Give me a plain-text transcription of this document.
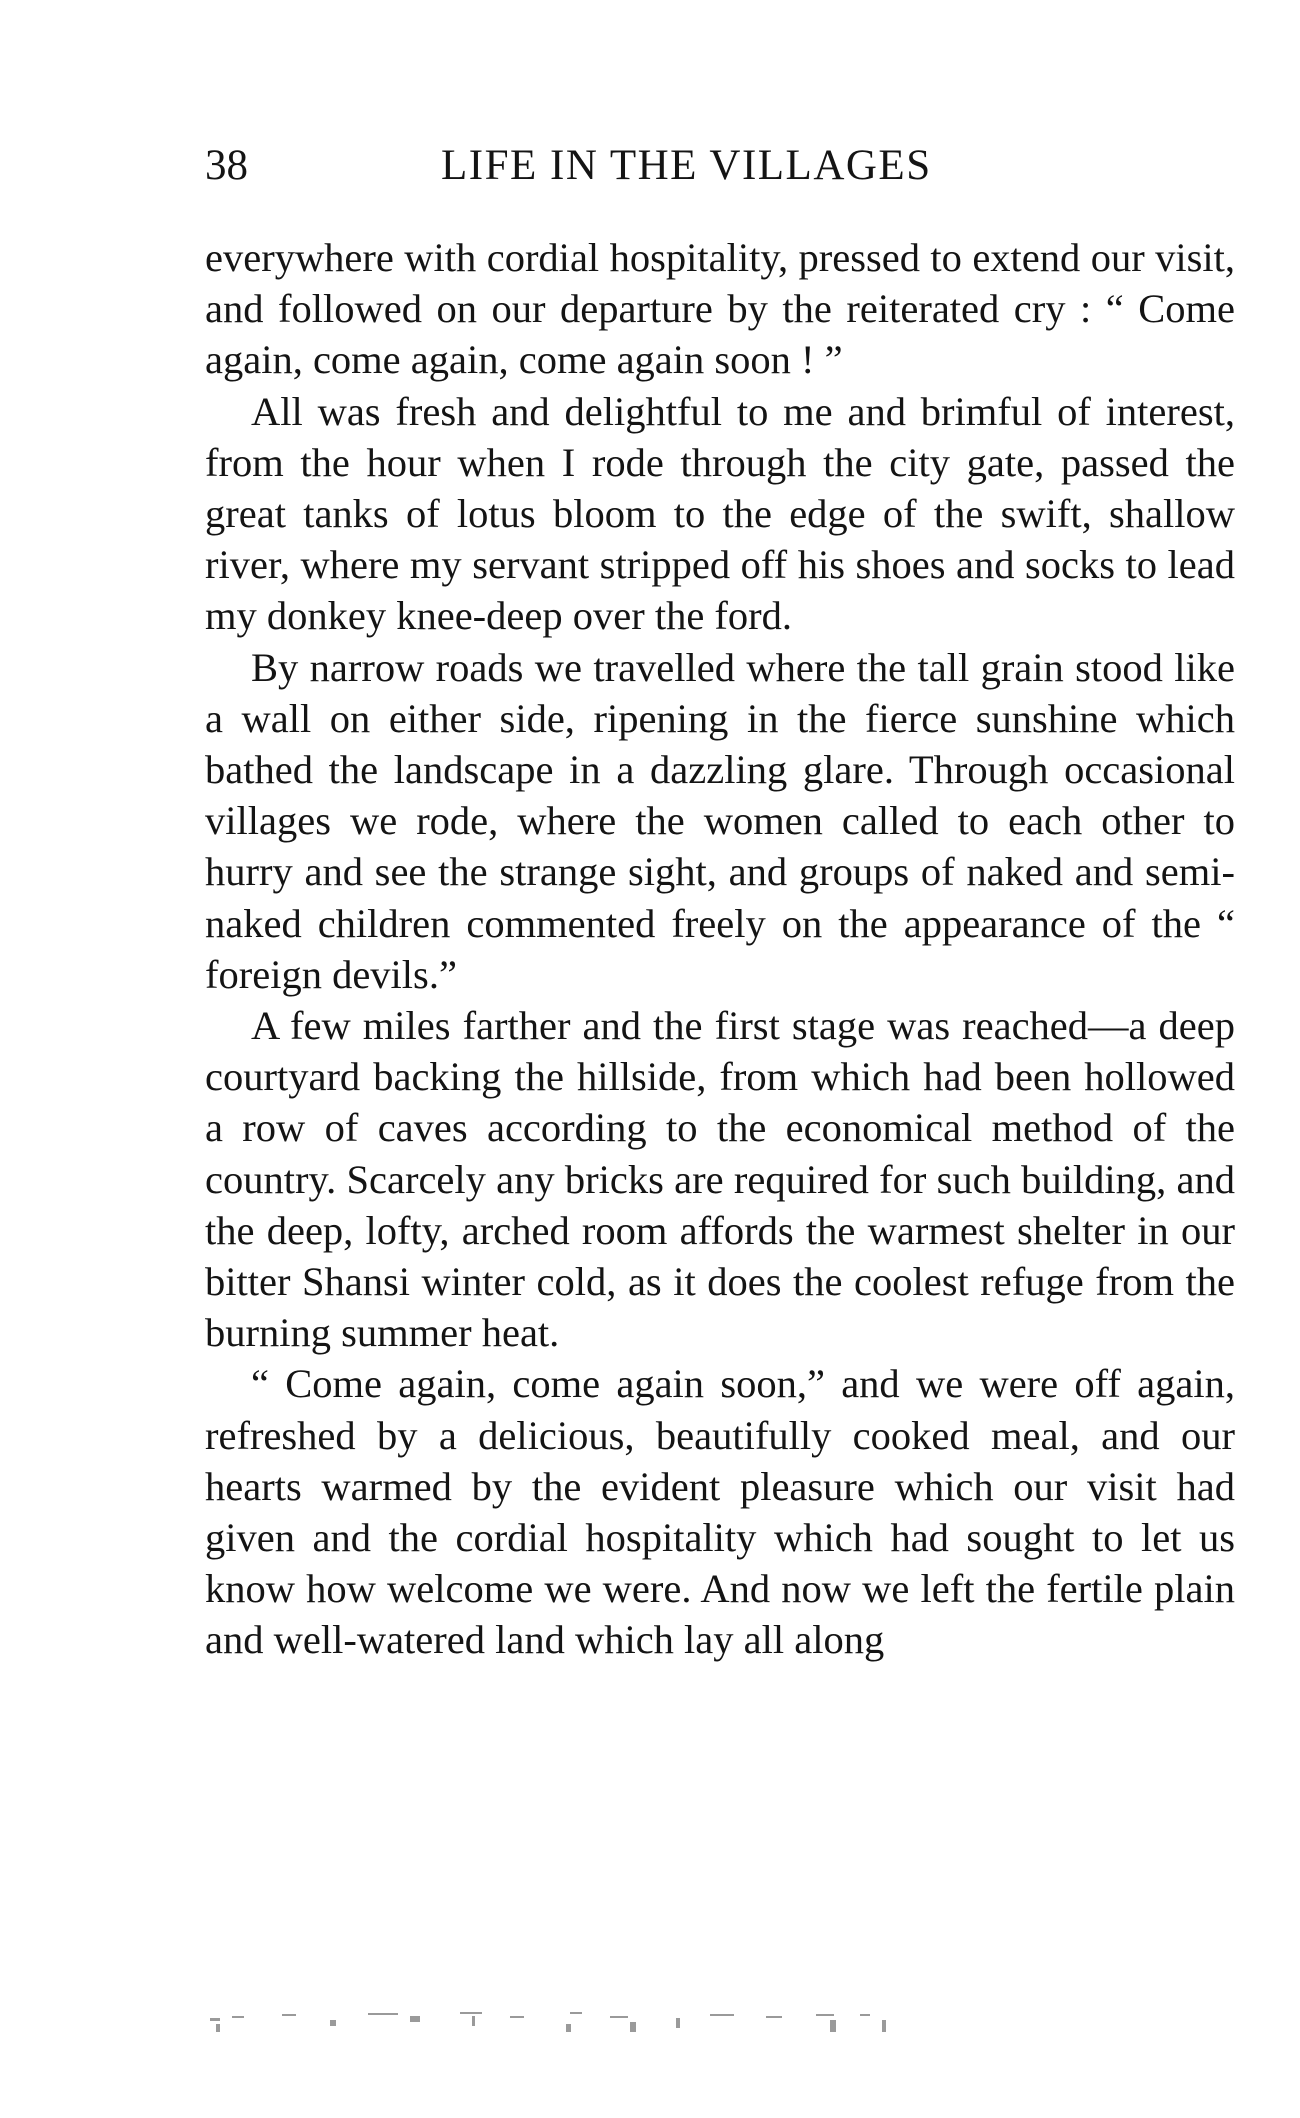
38	LIFE IN THE VILLAGES

everywhere with cordial hospitality, pressed to extend our visit, and followed on our departure by the reiterated cry : “ Come again, come again, come again soon ! ”

All was fresh and delightful to me and brimful of interest, from the hour when I rode through the city gate, passed the great tanks of lotus bloom to the edge of the swift, shallow river, where my servant stripped off his shoes and socks to lead my donkey knee-deep over the ford.

By narrow roads we travelled where the tall grain stood like a wall on either side, ripening in the fierce sunshine which bathed the landscape in a dazzling glare. Through occasional villages we rode, where the women called to each other to hurry and see the strange sight, and groups of naked and semi-naked children commented freely on the appearance of the “ foreign devils.”

A few miles farther and the first stage was reached—a deep courtyard backing the hillside, from which had been hollowed a row of caves according to the economical method of the country. Scarcely any bricks are required for such building, and the deep, lofty, arched room affords the warmest shelter in our bitter Shansi winter cold, as it does the coolest refuge from the burning summer heat.

“ Come again, come again soon,” and we were off again, refreshed by a delicious, beautifully cooked meal, and our hearts warmed by the evident pleasure which our visit had given and the cordial hospitality which had sought to let us know how welcome we were. And now we left the fertile plain and well-watered land which lay all along
